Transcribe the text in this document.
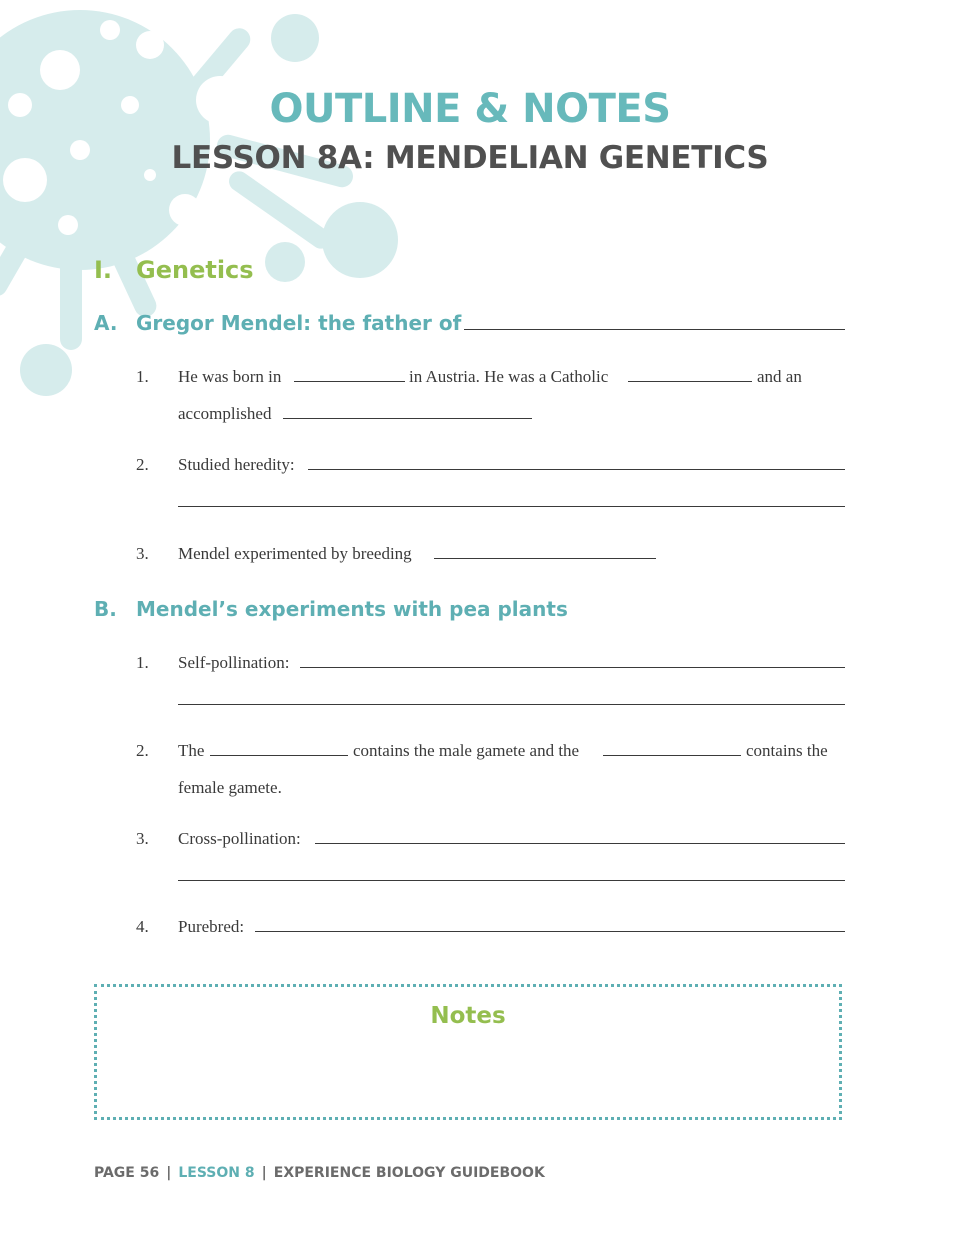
OUTLINE & NOTES
LESSON 8A: MENDELIAN GENETICS
I. Genetics
A. Gregor Mendel: the father of
1. He was born in	in Austria. He was a Catholic	and an
accomplished
2. Studied heredity:
3. Mendel experimented by breeding
B. Mendel’s experiments with pea plants
1. Self-pollination:
2. The	contains the male gamete and the	contains the
female gamete.
3. Cross-pollination:
4. Purebred:
Notes
PAGE 56 | LESSON 8 | EXPERIENCE BIOLOGY GUIDEBOOK
